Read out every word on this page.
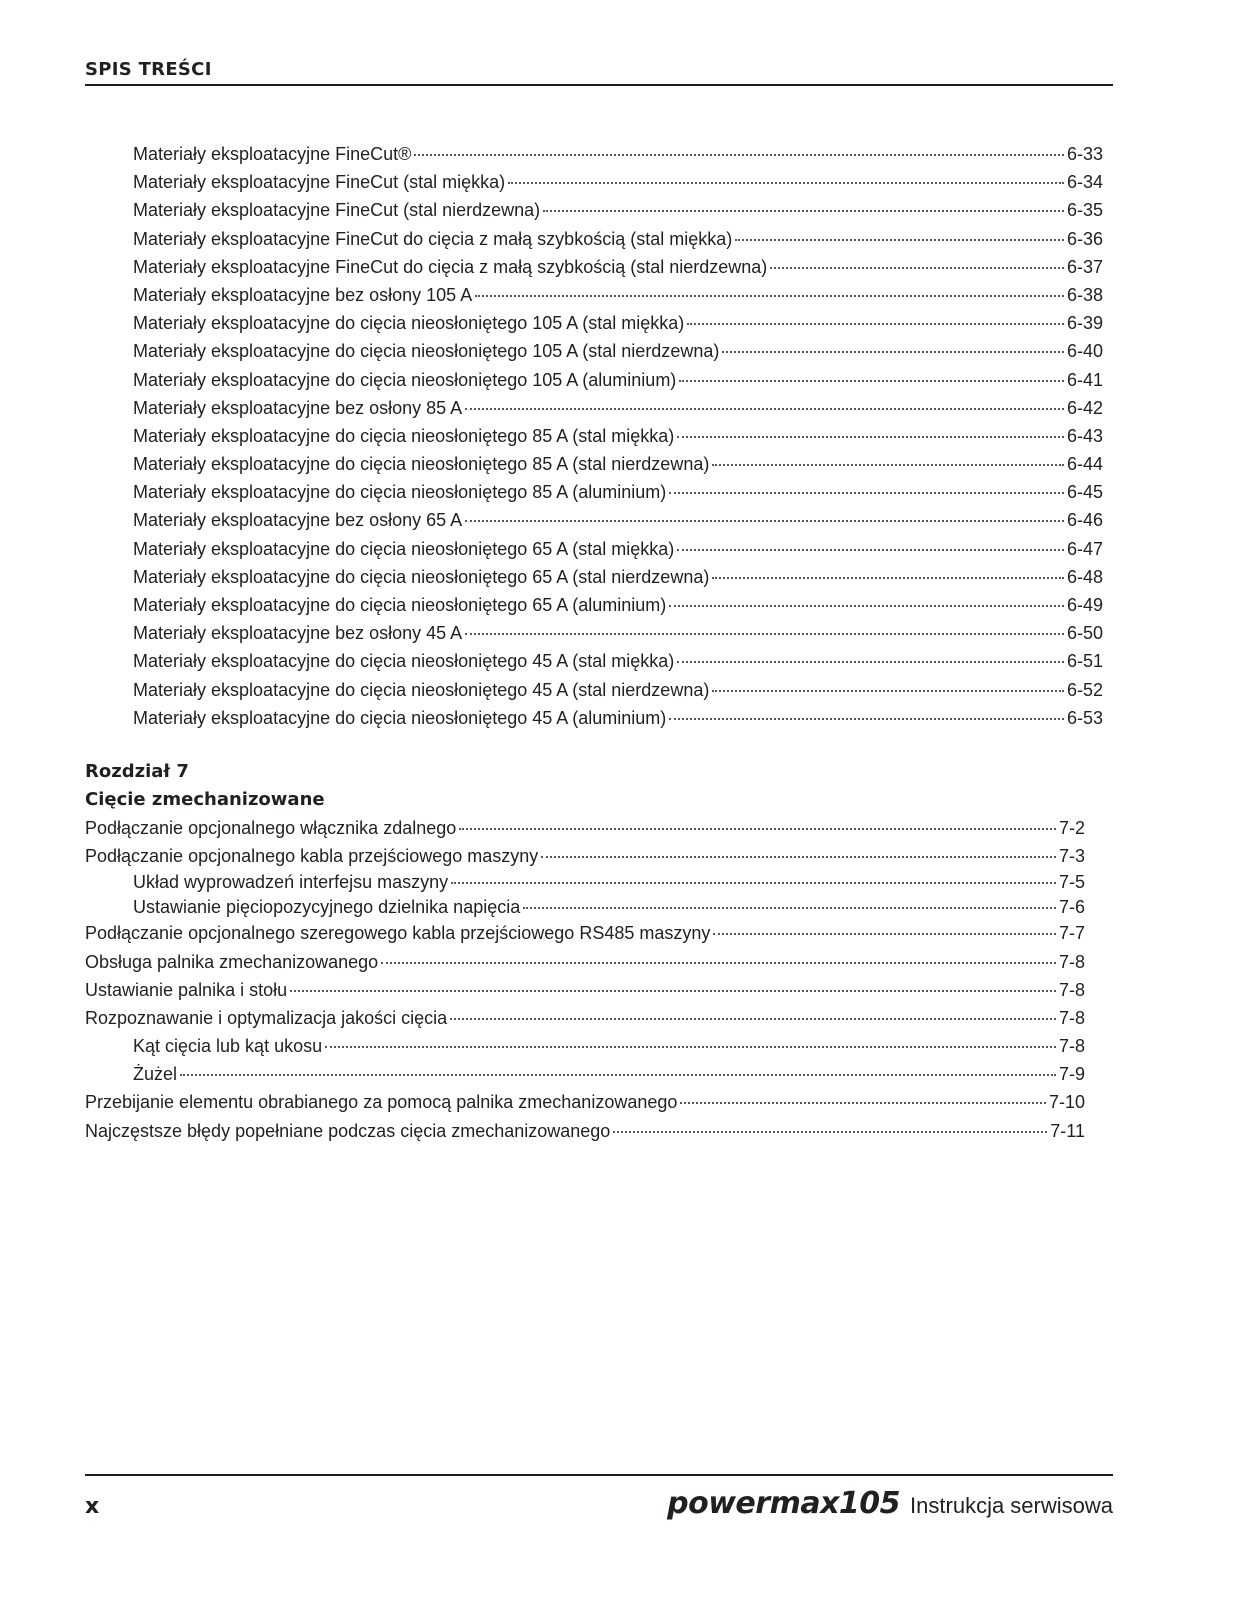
SPIS TREŚCI
Materiały eksploatacyjne FineCut®	6-33
Materiały eksploatacyjne FineCut (stal miękka)	6-34
Materiały eksploatacyjne FineCut (stal nierdzewna)	6-35
Materiały eksploatacyjne FineCut do cięcia z małą szybkością (stal miękka)	6-36
Materiały eksploatacyjne FineCut do cięcia z małą szybkością (stal nierdzewna)	6-37
Materiały eksploatacyjne bez osłony 105 A	6-38
Materiały eksploatacyjne do cięcia nieosłoniętego 105 A (stal miękka)	6-39
Materiały eksploatacyjne do cięcia nieosłoniętego 105 A (stal nierdzewna)	6-40
Materiały eksploatacyjne do cięcia nieosłoniętego 105 A (aluminium)	6-41
Materiały eksploatacyjne bez osłony 85 A	6-42
Materiały eksploatacyjne do cięcia nieosłoniętego 85 A (stal miękka)	6-43
Materiały eksploatacyjne do cięcia nieosłoniętego 85 A (stal nierdzewna)	6-44
Materiały eksploatacyjne do cięcia nieosłoniętego 85 A (aluminium)	6-45
Materiały eksploatacyjne bez osłony 65 A	6-46
Materiały eksploatacyjne do cięcia nieosłoniętego 65 A (stal miękka)	6-47
Materiały eksploatacyjne do cięcia nieosłoniętego 65 A (stal nierdzewna)	6-48
Materiały eksploatacyjne do cięcia nieosłoniętego 65 A (aluminium)	6-49
Materiały eksploatacyjne bez osłony 45 A	6-50
Materiały eksploatacyjne do cięcia nieosłoniętego 45 A (stal miękka)	6-51
Materiały eksploatacyjne do cięcia nieosłoniętego 45 A (stal nierdzewna)	6-52
Materiały eksploatacyjne do cięcia nieosłoniętego 45 A (aluminium)	6-53
Rozdział 7
Cięcie zmechanizowane
Podłączanie opcjonalnego włącznika zdalnego	7-2
Podłączanie opcjonalnego kabla przejściowego maszyny	7-3
Układ wyprowadzeń interfejsu maszyny	7-5
Ustawianie pięciopozycyjnego dzielnika napięcia	7-6
Podłączanie opcjonalnego szeregowego kabla przejściowego RS485 maszyny	7-7
Obsługa palnika zmechanizowanego	7-8
Ustawianie palnika i stołu	7-8
Rozpoznawanie i optymalizacja jakości cięcia	7-8
Kąt cięcia lub kąt ukosu	7-8
Żużel	7-9
Przebijanie elementu obrabianego za pomocą palnika zmechanizowanego	7-10
Najczęstsze błędy popełniane podczas cięcia zmechanizowanego	7-11
x	powermax105 Instrukcja serwisowa
